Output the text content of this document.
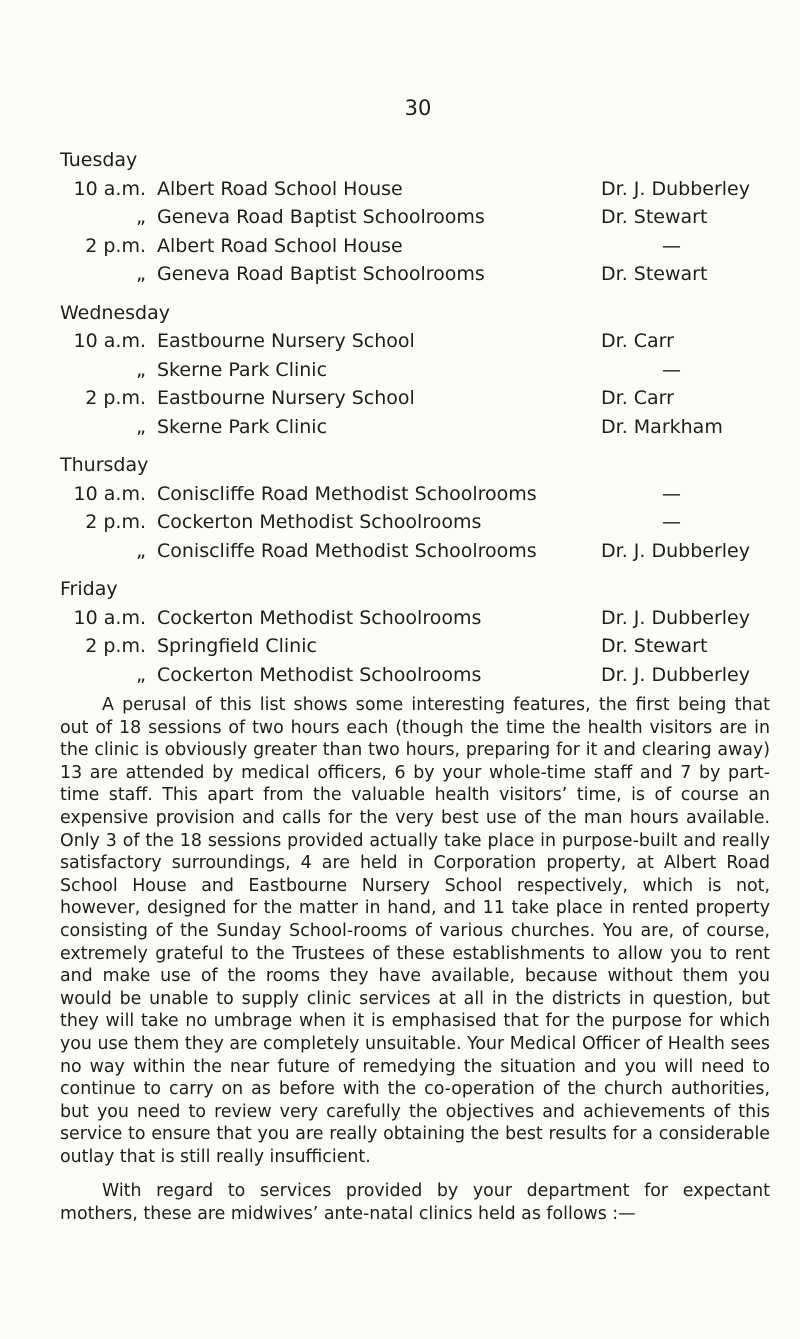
30
Tuesday
10 a.m. Albert Road School House	Dr. J. Dubberley
„ Geneva Road Baptist Schoolrooms	Dr. Stewart
2 p.m. Albert Road School House	—
„ Geneva Road Baptist Schoolrooms	Dr. Stewart
Wednesday
10 a.m. Eastbourne Nursery School	Dr. Carr
„ Skerne Park Clinic	—
2 p.m. Eastbourne Nursery School	Dr. Carr
„ Skerne Park Clinic	Dr. Markham
Thursday
10 a.m. Coniscliffe Road Methodist Schoolrooms	—
2 p.m. Cockerton Methodist Schoolrooms	—
„ Coniscliffe Road Methodist Schoolrooms	Dr. J. Dubberley
Friday
10 a.m. Cockerton Methodist Schoolrooms	Dr. J. Dubberley
2 p.m. Springfield Clinic	Dr. Stewart
„ Cockerton Methodist Schoolrooms	Dr. J. Dubberley

A perusal of this list shows some interesting features, the first being that out of 18 sessions of two hours each (though the time the health visitors are in the clinic is obviously greater than two hours, preparing for it and clearing away) 13 are attended by medical officers, 6 by your whole-time staff and 7 by part-time staff. This apart from the valuable health visitors’ time, is of course an expensive provision and calls for the very best use of the man hours available. Only 3 of the 18 sessions provided actually take place in purpose-built and really satisfactory surroundings, 4 are held in Corporation property, at Albert Road School House and Eastbourne Nursery School respectively, which is not, however, designed for the matter in hand, and 11 take place in rented property consisting of the Sunday School-rooms of various churches. You are, of course, extremely grateful to the Trustees of these establishments to allow you to rent and make use of the rooms they have available, because without them you would be unable to supply clinic services at all in the districts in question, but they will take no umbrage when it is emphasised that for the purpose for which you use them they are completely unsuitable. Your Medical Officer of Health sees no way within the near future of remedying the situation and you will need to continue to carry on as before with the co-operation of the church authorities, but you need to review very carefully the objectives and achievements of this service to ensure that you are really obtaining the best results for a considerable outlay that is still really insufficient.

With regard to services provided by your department for expectant mothers, these are midwives’ ante-natal clinics held as follows :—
